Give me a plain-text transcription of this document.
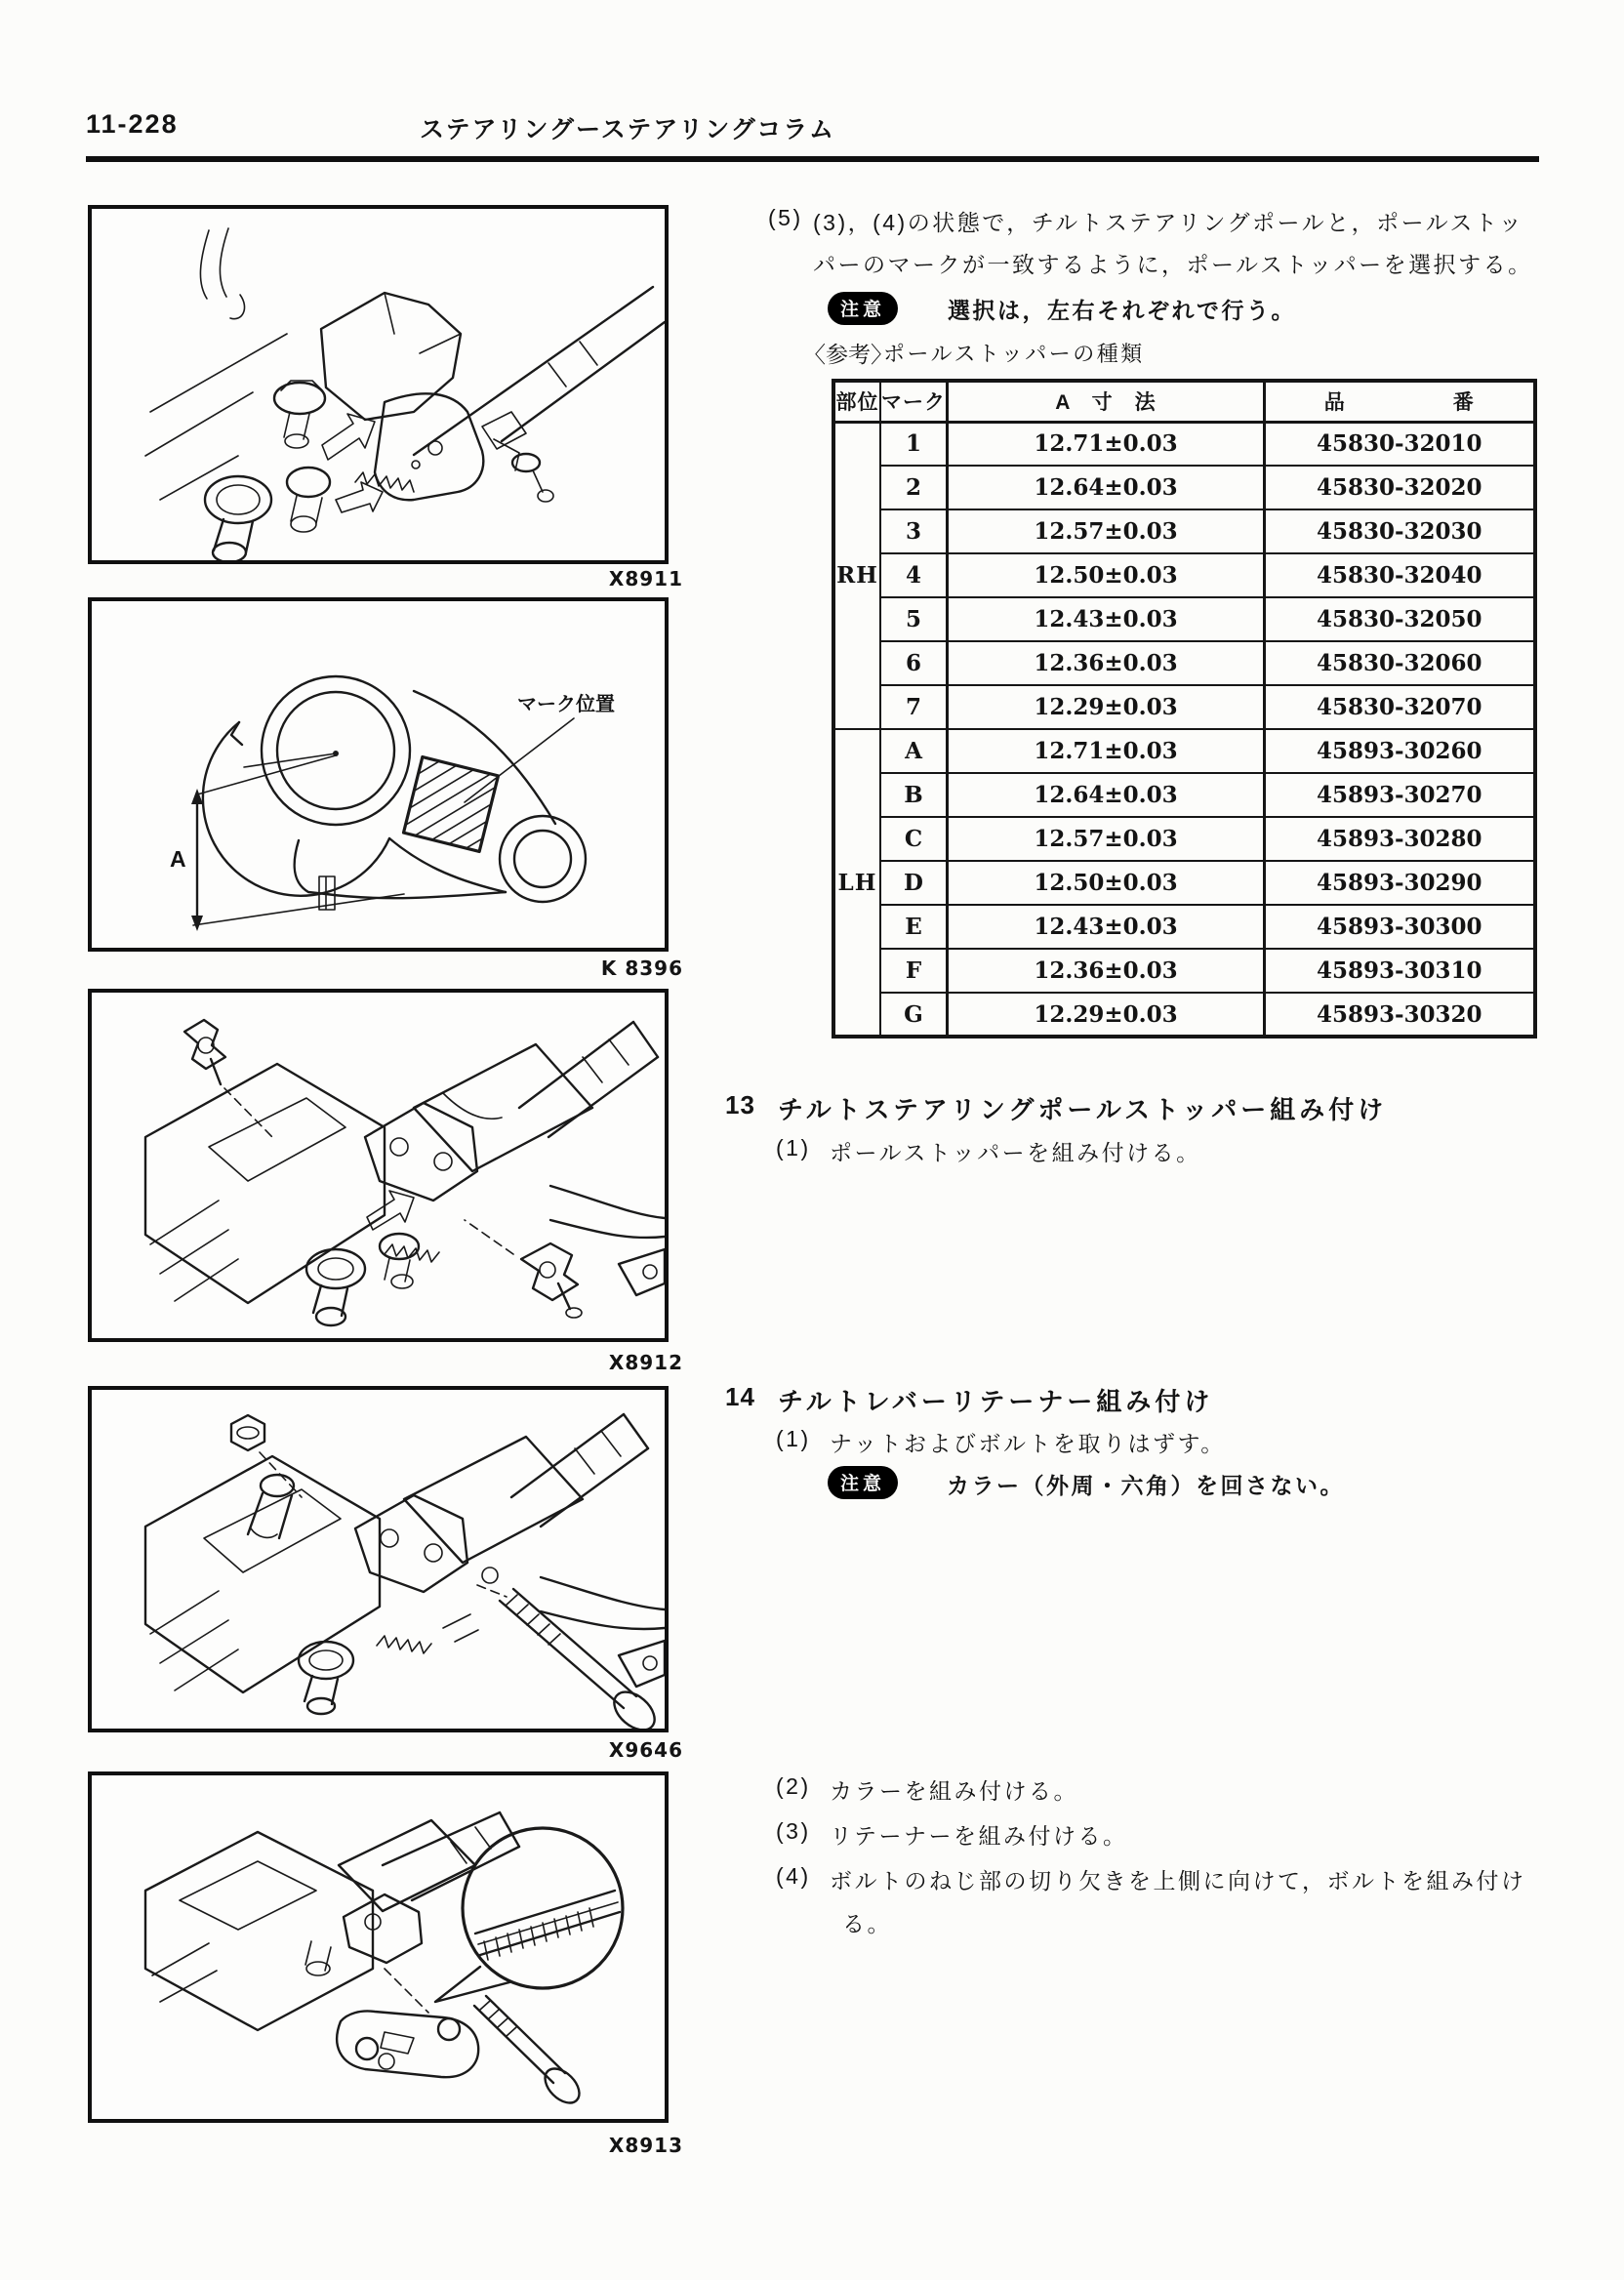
11-228	ステアリングーステアリングコラム
X8911
A
マーク位置
K 8396
X8912
X9646
X8913
(5) (3)，(4)の状態で，チルトステアリングポールと，ポールストッ
パーのマークが一致するように，ポールストッパーを選択する。
注意	選択は，左右それぞれで行う。
〈参考〉
ポールストッパーの種類
部位	マーク	A　寸　法	品　　　　　番
RH	1	12.71±0.03	45830-32010
	2	12.64±0.03	45830-32020
	3	12.57±0.03	45830-32030
	4	12.50±0.03	45830-32040
	5	12.43±0.03	45830-32050
	6	12.36±0.03	45830-32060
	7	12.29±0.03	45830-32070
LH	A	12.71±0.03	45893-30260
	B	12.64±0.03	45893-30270
	C	12.57±0.03	45893-30280
	D	12.50±0.03	45893-30290
	E	12.43±0.03	45893-30300
	F	12.36±0.03	45893-30310
	G	12.29±0.03	45893-30320
13 チルトステアリングポールストッパー組み付け
(1) ポールストッパーを組み付ける。
14 チルトレバーリテーナー組み付け
(1) ナットおよびボルトを取りはずす。
注意	カラー（外周・六角）を回さない。
(2) カラーを組み付ける。
(3) リテーナーを組み付ける。
(4) ボルトのねじ部の切り欠きを上側に向けて，ボルトを組み付け
る。
